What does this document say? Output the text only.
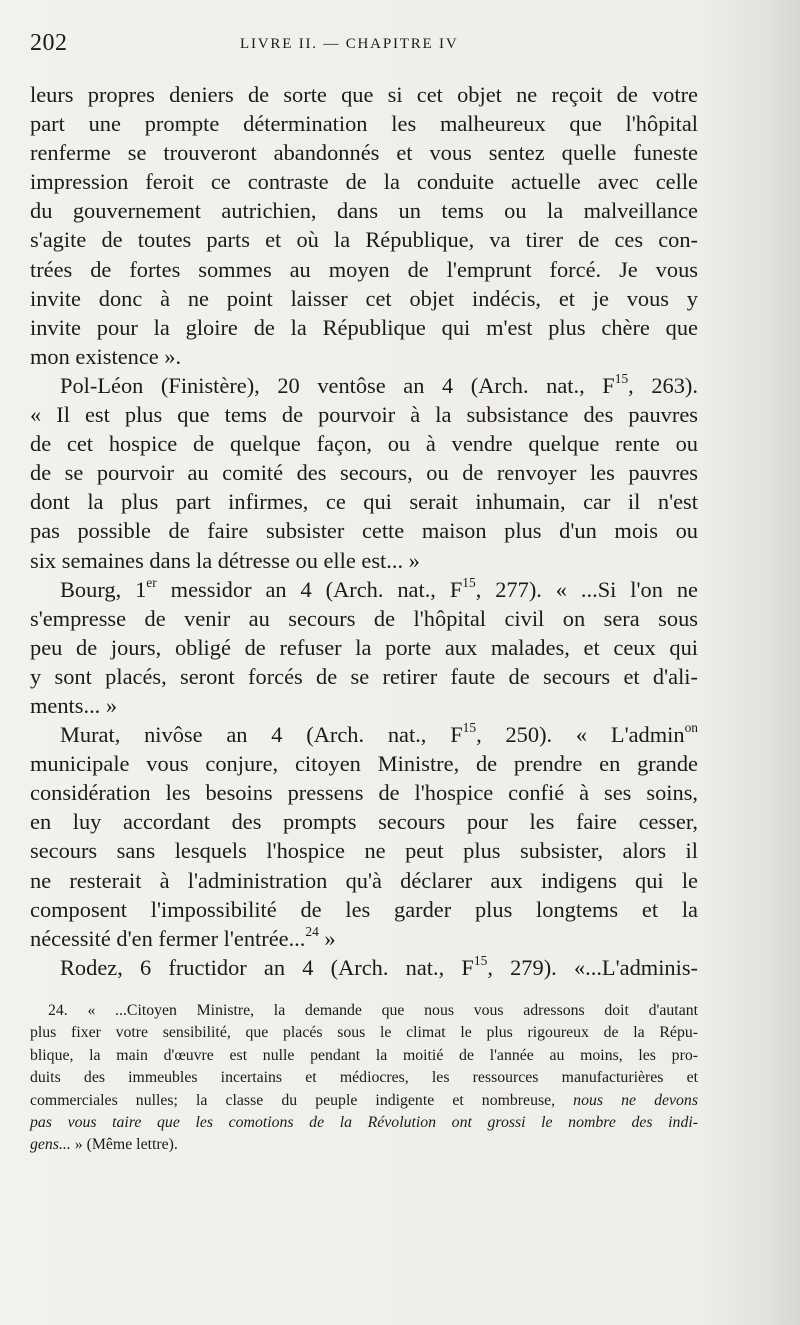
202	LIVRE II. — CHAPITRE IV
leurs propres deniers de sorte que si cet objet ne reçoit de votre
part une prompte détermination les malheureux que l'hôpital
renferme se trouveront abandonnés et vous sentez quelle funeste
impression feroit ce contraste de la conduite actuelle avec celle
du gouvernement autrichien, dans un tems ou la malveillance
s'agite de toutes parts et où la République, va tirer de ces con-
trées de fortes sommes au moyen de l'emprunt forcé. Je vous
invite donc à ne point laisser cet objet indécis, et je vous y
invite pour la gloire de la République qui m'est plus chère que
mon existence ».
Pol-Léon (Finistère), 20 ventôse an 4 (Arch. nat., $F^{15}$, 263).
« Il est plus que tems de pourvoir à la subsistance des pauvres
de cet hospice de quelque façon, ou à vendre quelque rente ou
de se pourvoir au comité des secours, ou de renvoyer les pauvres
dont la plus part infirmes, ce qui serait inhumain, car il n'est
pas possible de faire subsister cette maison plus d'un mois ou
six semaines dans la détresse ou elle est... »
Bourg, 1er messidor an 4 (Arch. nat., $F^{15}$, 277). « ...Si l'on ne
s'empresse de venir au secours de l'hôpital civil on sera sous
peu de jours, obligé de refuser la porte aux malades, et ceux qui
y sont placés, seront forcés de se retirer faute de secours et d'ali-
ments... »
Murat, nivôse an 4 (Arch. nat., $F^{15}$, 250). « L'admin$^{on}$
municipale vous conjure, citoyen Ministre, de prendre en grande
considération les besoins pressens de l'hospice confié à ses soins,
en luy accordant des prompts secours pour les faire cesser,
secours sans lesquels l'hospice ne peut plus subsister, alors il
ne resterait à l'administration qu'à déclarer aux indigens qui le
composent l'impossibilité de les garder plus longtems et la
nécessité d'en fermer l'entrée...$^{24}$ »
Rodez, 6 fructidor an 4 (Arch. nat., $F^{15}$, 279). «...L'adminis-
24. « ...Citoyen Ministre, la demande que nous vous adressons doit d'autant
plus fixer votre sensibilité, que placés sous le climat le plus rigoureux de la Répu-
blique, la main d'œuvre est nulle pendant la moitié de l'année au moins, les pro-
duits des immeubles incertains et médiocres, les ressources manufacturières et
commerciales nulles; la classe du peuple indigente et nombreuse, nous ne devons
pas vous taire que les comotions de la Révolution ont grossi le nombre des indi-
gens... » (Même lettre).
